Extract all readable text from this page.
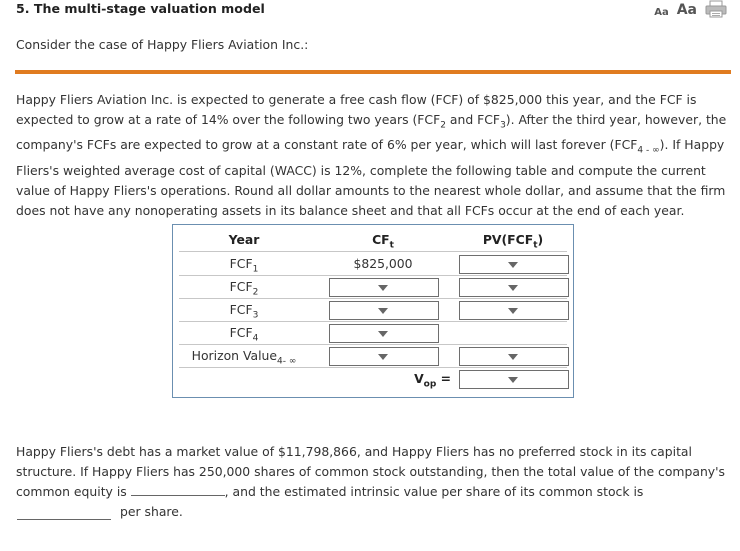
5. The multi-stage valuation model	Aa Aa
Consider the case of Happy Fliers Aviation Inc.:
Happy Fliers Aviation Inc. is expected to generate a free cash flow (FCF) of $825,000 this year, and the FCF is expected to grow at a rate of 14% over the following two years ($FCF_2$ and $FCF_3$). After the third year, however, the company's FCFs are expected to grow at a constant rate of 6% per year, which will last forever $(FCF_{4 - \infty})$. If Happy Fliers's weighted average cost of capital (WACC) is 12%, complete the following table and compute the current value of Happy Fliers's operations. Round all dollar amounts to the nearest whole dollar, and assume that the firm does not have any nonoperating assets in its balance sheet and that all FCFs occur at the end of each year.
Year	$CF_t$	$PV(FCF_t)$
$FCF_1$	$825,000
$FCF_2$
$FCF_3$
$FCF_4$
Horizon Value$_{4- \infty}$
$V_{op}$ =
Happy Fliers's debt has a market value of $11,798,866, and Happy Fliers has no preferred stock in its capital structure. If Happy Fliers has 250,000 shares of common stock outstanding, then the total value of the company's common equity is	, and the estimated intrinsic value per share of its common stock is
per share.
